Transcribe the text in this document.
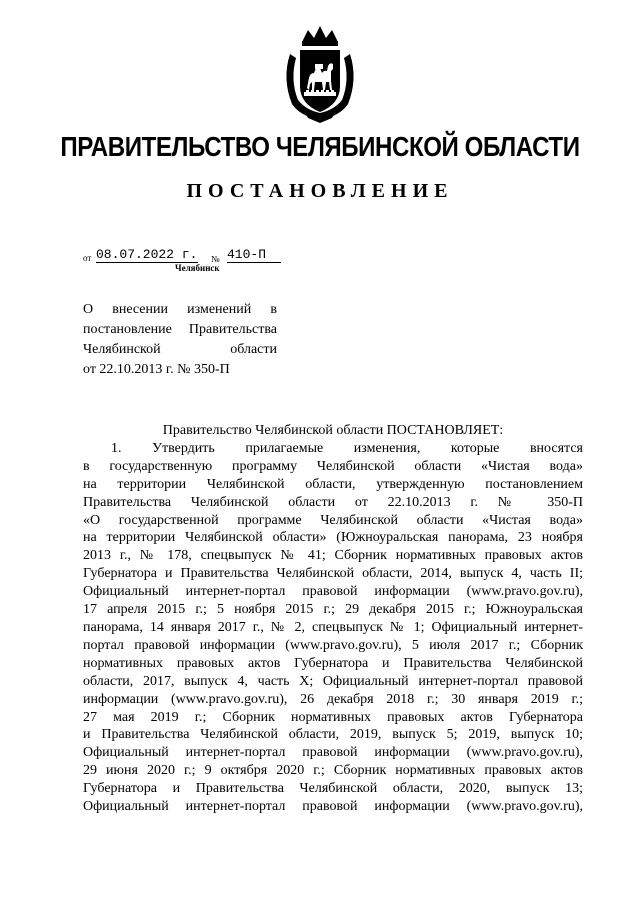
ПРАВИТЕЛЬСТВО ЧЕЛЯБИНСКОЙ ОБЛАСТИ
ПОСТАНОВЛЕНИЕ
от 08.07.2022 г. № 410-П
Челябинск
О внесении изменений в
постановление Правительства
Челябинской области
от 22.10.2013 г. № 350-П
Правительство Челябинской области ПОСТАНОВЛЯЕТ:
1. Утвердить прилагаемые изменения, которые вносятся
в государственную программу Челябинской области «Чистая вода»
на территории Челябинской области, утвержденную постановлением
Правительства Челябинской области от 22.10.2013 г. № 350-П
«О государственной программе Челябинской области «Чистая вода»
на территории Челябинской области» (Южноуральская панорама, 23 ноября
2013 г., № 178, спецвыпуск № 41; Сборник нормативных правовых актов
Губернатора и Правительства Челябинской области, 2014, выпуск 4, часть II;
Официальный интернет-портал правовой информации (www.pravo.gov.ru),
17 апреля 2015 г.; 5 ноября 2015 г.; 29 декабря 2015 г.; Южноуральская
панорама, 14 января 2017 г., № 2, спецвыпуск № 1; Официальный интернет-
портал правовой информации (www.pravo.gov.ru), 5 июля 2017 г.; Сборник
нормативных правовых актов Губернатора и Правительства Челябинской
области, 2017, выпуск 4, часть X; Официальный интернет-портал правовой
информации (www.pravo.gov.ru), 26 декабря 2018 г.; 30 января 2019 г.;
27 мая 2019 г.; Сборник нормативных правовых актов Губернатора
и Правительства Челябинской области, 2019, выпуск 5; 2019, выпуск 10;
Официальный интернет-портал правовой информации (www.pravo.gov.ru),
29 июня 2020 г.; 9 октября 2020 г.; Сборник нормативных правовых актов
Губернатора и Правительства Челябинской области, 2020, выпуск 13;
Официальный интернет-портал правовой информации (www.pravo.gov.ru),
